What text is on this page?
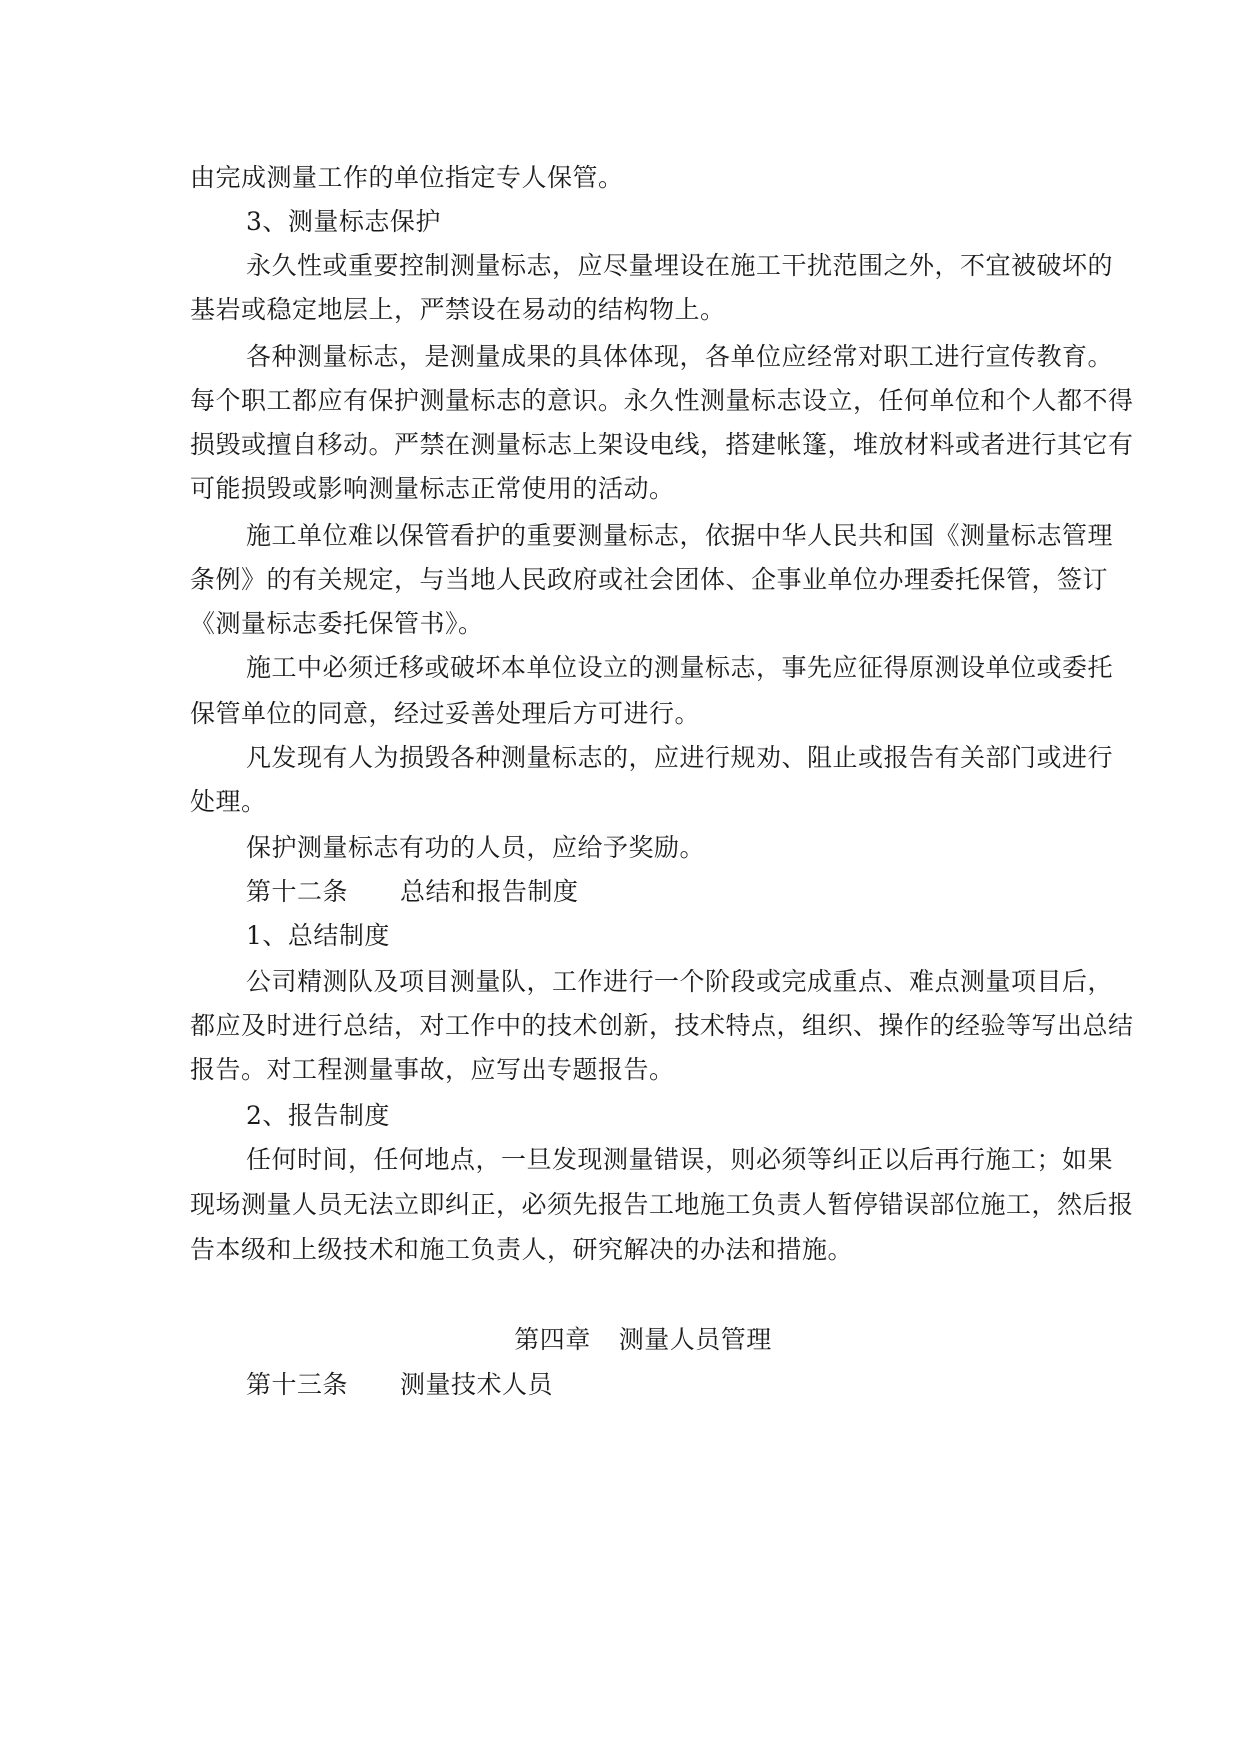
由完成测量工作的单位指定专人保管。
3、测量标志保护
永久性或重要控制测量标志，应尽量埋设在施工干扰范围之外，不宜被破坏的
基岩或稳定地层上，严禁设在易动的结构物上。
各种测量标志，是测量成果的具体体现，各单位应经常对职工进行宣传教育。
每个职工都应有保护测量标志的意识。永久性测量标志设立，任何单位和个人都不得
损毁或擅自移动。严禁在测量标志上架设电线，搭建帐篷，堆放材料或者进行其它有
可能损毁或影响测量标志正常使用的活动。
施工单位难以保管看护的重要测量标志，依据中华人民共和国《测量标志管理
条例》的有关规定，与当地人民政府或社会团体、企事业单位办理委托保管，签订
《测量标志委托保管书》。
施工中必须迁移或破坏本单位设立的测量标志，事先应征得原测设单位或委托
保管单位的同意，经过妥善处理后方可进行。
凡发现有人为损毁各种测量标志的，应进行规劝、阻止或报告有关部门或进行
处理。
保护测量标志有功的人员，应给予奖励。
第十二条 总结和报告制度
1、总结制度
公司精测队及项目测量队，工作进行一个阶段或完成重点、难点测量项目后，
都应及时进行总结，对工作中的技术创新，技术特点，组织、操作的经验等写出总结
报告。对工程测量事故，应写出专题报告。
2、报告制度
任何时间，任何地点，一旦发现测量错误，则必须等纠正以后再行施工；如果
现场测量人员无法立即纠正，必须先报告工地施工负责人暂停错误部位施工，然后报
告本级和上级技术和施工负责人，研究解决的办法和措施。
第四章 测量人员管理
第十三条 测量技术人员
